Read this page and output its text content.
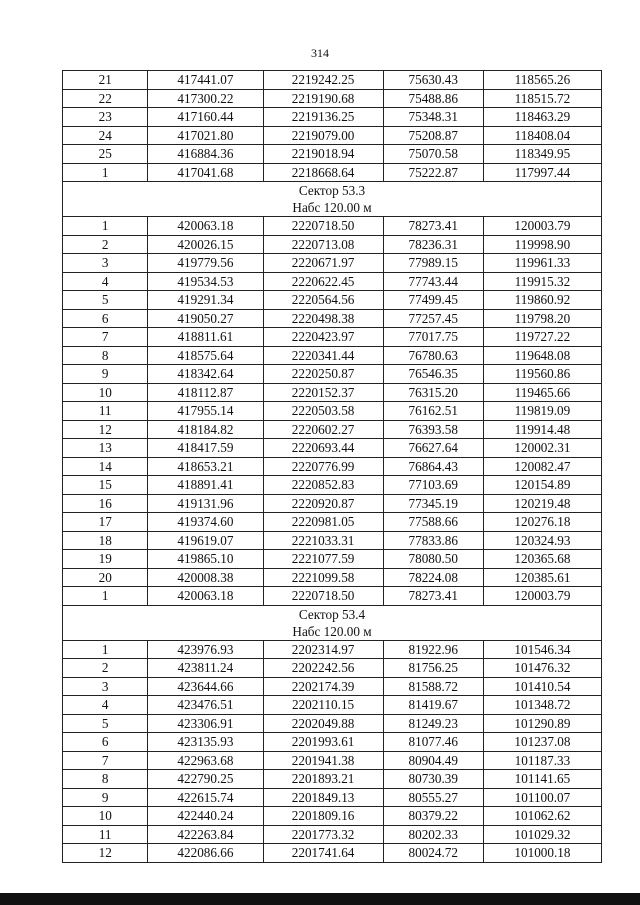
314
21	417441.07	2219242.25	75630.43	118565.26
22	417300.22	2219190.68	75488.86	118515.72
23	417160.44	2219136.25	75348.31	118463.29
24	417021.80	2219079.00	75208.87	118408.04
25	416884.36	2219018.94	75070.58	118349.95
1	417041.68	2218668.64	75222.87	117997.44
Сектор 53.3
Набс 120.00 м
1	420063.18	2220718.50	78273.41	120003.79
2	420026.15	2220713.08	78236.31	119998.90
3	419779.56	2220671.97	77989.15	119961.33
4	419534.53	2220622.45	77743.44	119915.32
5	419291.34	2220564.56	77499.45	119860.92
6	419050.27	2220498.38	77257.45	119798.20
7	418811.61	2220423.97	77017.75	119727.22
8	418575.64	2220341.44	76780.63	119648.08
9	418342.64	2220250.87	76546.35	119560.86
10	418112.87	2220152.37	76315.20	119465.66
11	417955.14	2220503.58	76162.51	119819.09
12	418184.82	2220602.27	76393.58	119914.48
13	418417.59	2220693.44	76627.64	120002.31
14	418653.21	2220776.99	76864.43	120082.47
15	418891.41	2220852.83	77103.69	120154.89
16	419131.96	2220920.87	77345.19	120219.48
17	419374.60	2220981.05	77588.66	120276.18
18	419619.07	2221033.31	77833.86	120324.93
19	419865.10	2221077.59	78080.50	120365.68
20	420008.38	2221099.58	78224.08	120385.61
1	420063.18	2220718.50	78273.41	120003.79
Сектор 53.4
Набс 120.00 м
1	423976.93	2202314.97	81922.96	101546.34
2	423811.24	2202242.56	81756.25	101476.32
3	423644.66	2202174.39	81588.72	101410.54
4	423476.51	2202110.15	81419.67	101348.72
5	423306.91	2202049.88	81249.23	101290.89
6	423135.93	2201993.61	81077.46	101237.08
7	422963.68	2201941.38	80904.49	101187.33
8	422790.25	2201893.21	80730.39	101141.65
9	422615.74	2201849.13	80555.27	101100.07
10	422440.24	2201809.16	80379.22	101062.62
11	422263.84	2201773.32	80202.33	101029.32
12	422086.66	2201741.64	80024.72	101000.18
